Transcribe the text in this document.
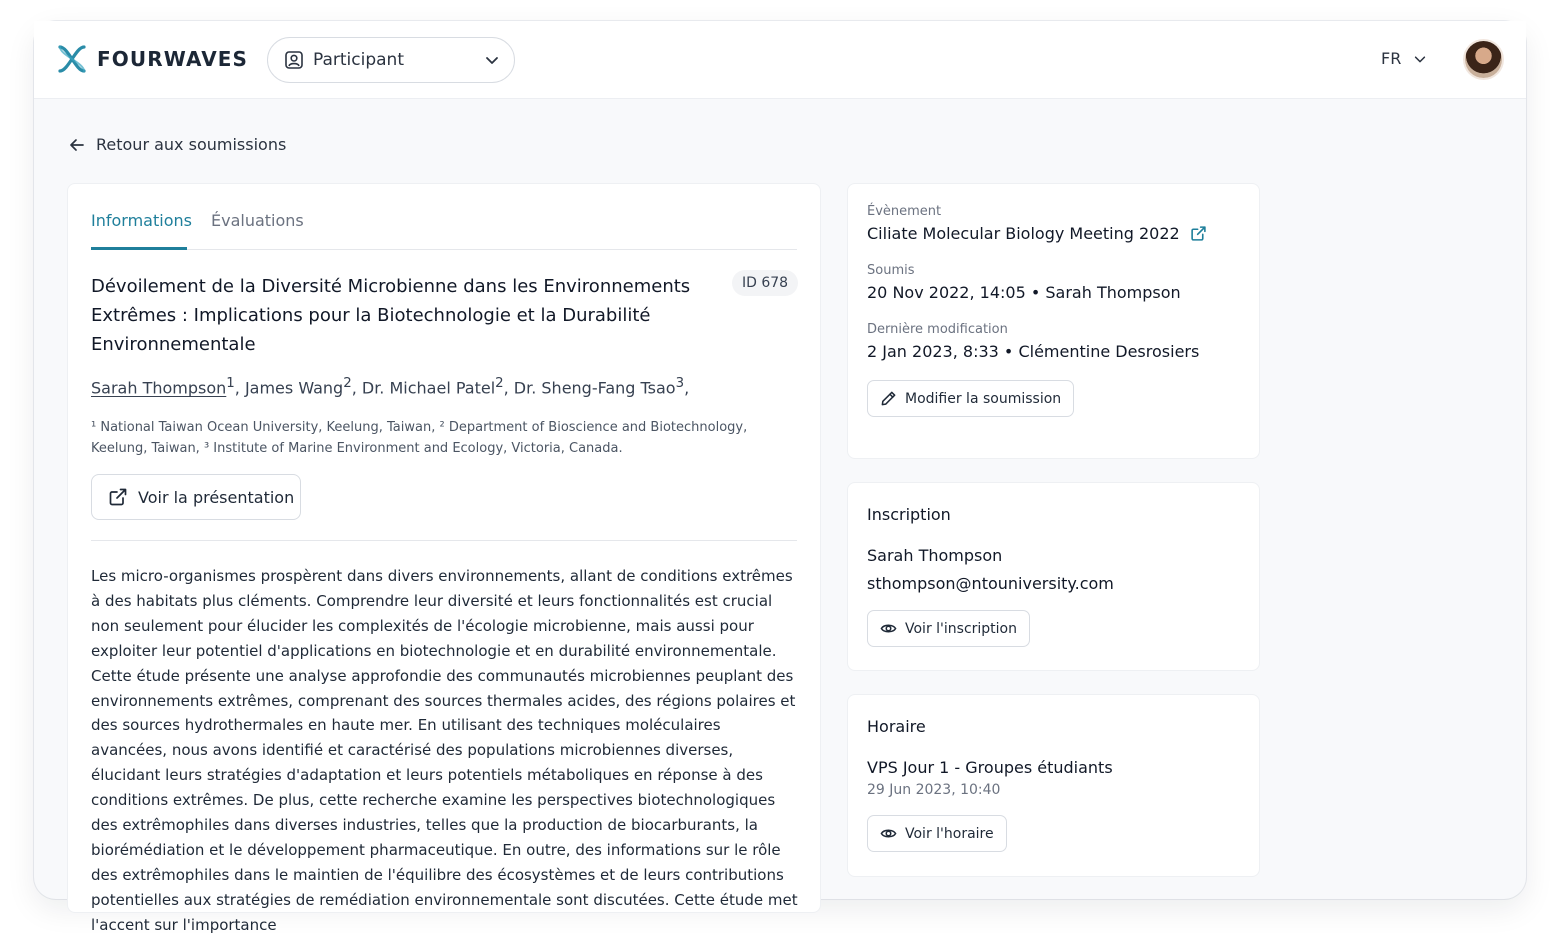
FOURWAVES	Participant	FR
Retour aux soumissions
Informations Évaluations
Dévoilement de la Diversité Microbienne dans les Environnements Extrêmes : Implications pour la Biotechnologie et la Durabilité Environnementale
ID 678
Sarah Thompson$^1$, James Wang$^2$, Dr. Michael Patel$^2$, Dr. Sheng-Fang Tsao$^3$,
¹ National Taiwan Ocean University, Keelung, Taiwan, ² Department of Bioscience and Biotechnology, Keelung, Taiwan, ³ Institute of Marine Environment and Ecology, Victoria, Canada.
Voir la présentation
Les micro-organismes prospèrent dans divers environnements, allant de conditions extrêmes à des habitats plus cléments. Comprendre leur diversité et leurs fonctionnalités est crucial non seulement pour élucider les complexités de l'écologie microbienne, mais aussi pour exploiter leur potentiel d'applications en biotechnologie et en durabilité environnementale. Cette étude présente une analyse approfondie des communautés microbiennes peuplant des environnements extrêmes, comprenant des sources thermales acides, des régions polaires et des sources hydrothermales en haute mer. En utilisant des techniques moléculaires avancées, nous avons identifié et caractérisé des populations microbiennes diverses, élucidant leurs stratégies d'adaptation et leurs potentiels métaboliques en réponse à des conditions extrêmes. De plus, cette recherche examine les perspectives biotechnologiques des extrêmophiles dans diverses industries, telles que la production de biocarburants, la biorémédiation et le développement pharmaceutique. En outre, des informations sur le rôle des extrêmophiles dans le maintien de l'équilibre des écosystèmes et de leurs contributions potentielles aux stratégies de remédiation environnementale sont discutées. Cette étude met l'accent sur l'importance
Évènement
Ciliate Molecular Biology Meeting 2022
Soumis
20 Nov 2022, 14:05 • Sarah Thompson
Dernière modification
2 Jan 2023, 8:33 • Clémentine Desrosiers
Modifier la soumission
Inscription
Sarah Thompson
sthompson@ntouniversity.com
Voir l'inscription
Horaire
VPS Jour 1 - Groupes étudiants
29 Jun 2023, 10:40
Voir l'horaire
